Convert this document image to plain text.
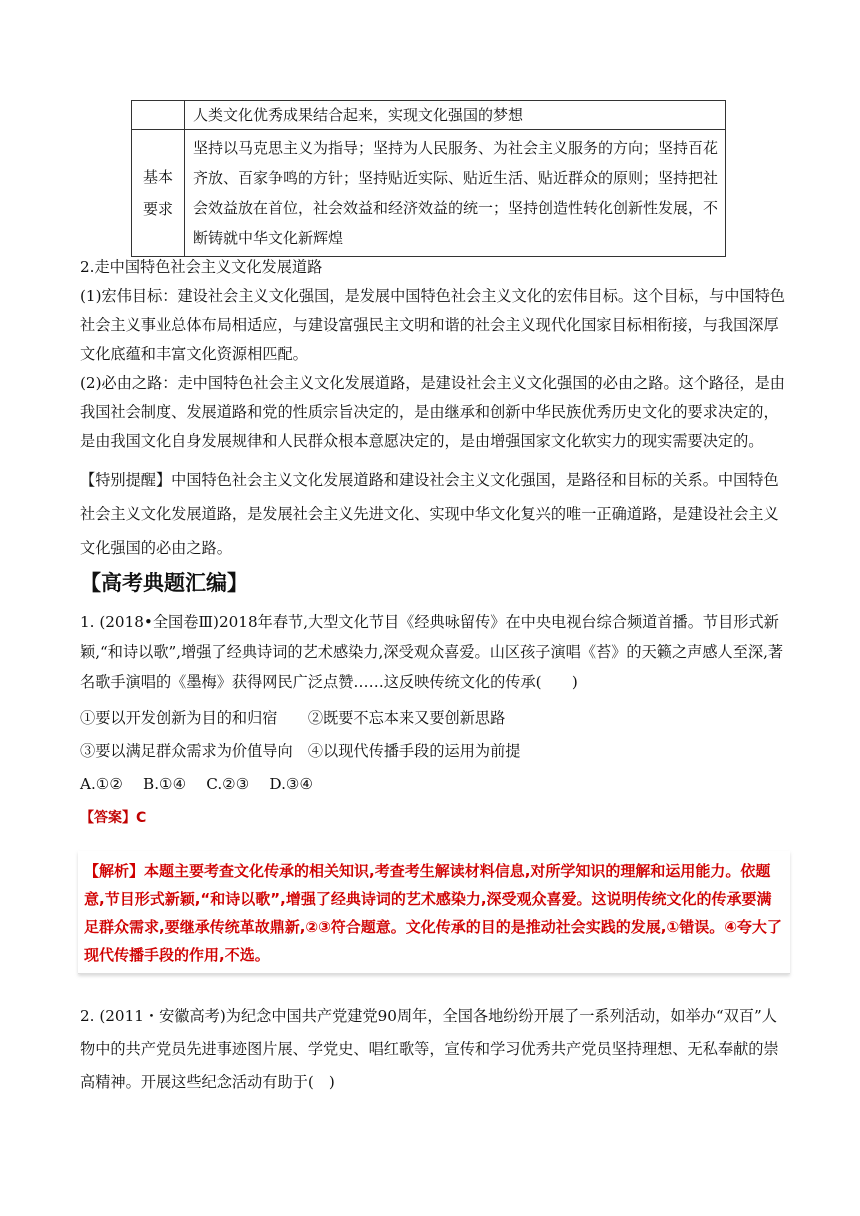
	人类文化优秀成果结合起来，实现文化强国的梦想

基本
要求	坚持以马克思主义为指导；坚持为人民服务、为社会主义服务的方向；坚持百花齐放、百家争鸣的方针；坚持贴近实际、贴近生活、贴近群众的原则；坚持把社会效益放在首位，社会效益和经济效益的统一；坚持创造性转化创新性发展，不断铸就中华文化新辉煌

2.走中国特色社会主义文化发展道路

(1)宏伟目标：建设社会主义文化强国，是发展中国特色社会主义文化的宏伟目标。这个目标，与中国特色社会主义事业总体布局相适应，与建设富强民主文明和谐的社会主义现代化国家目标相衔接，与我国深厚文化底蕴和丰富文化资源相匹配。

(2)必由之路：走中国特色社会主义文化发展道路，是建设社会主义文化强国的必由之路。这个路径，是由我国社会制度、发展道路和党的性质宗旨决定的，是由继承和创新中华民族优秀历史文化的要求决定的，是由我国文化自身发展规律和人民群众根本意愿决定的，是由增强国家文化软实力的现实需要决定的。

【特别提醒】中国特色社会主义文化发展道路和建设社会主义文化强国，是路径和目标的关系。中国特色社会主义文化发展道路，是发展社会主义先进文化、实现中华文化复兴的唯一正确道路，是建设社会主义文化强国的必由之路。

【高考典题汇编】

1. (2018•全国卷Ⅲ)2018年春节,大型文化节目《经典咏留传》在中央电视台综合频道首播。节目形式新颖,“和诗以歌”,增强了经典诗词的艺术感染力,深受观众喜爱。山区孩子演唱《苔》的天籁之声感人至深,著名歌手演唱的《墨梅》获得网民广泛点赞……这反映传统文化的传承(　　)

①要以开发创新为目的和归宿　　②既要不忘本来又要创新思路

③要以满足群众需求为价值导向　④以现代传播手段的运用为前提

A.①②　 B.①④　 C.②③　 D.③④

【答案】C

【解析】本题主要考查文化传承的相关知识,考查考生解读材料信息,对所学知识的理解和运用能力。依题意,节目形式新颖,“和诗以歌”,增强了经典诗词的艺术感染力,深受观众喜爱。这说明传统文化的传承要满足群众需求,要继承传统革故鼎新,②③符合题意。文化传承的目的是推动社会实践的发展,①错误。④夸大了现代传播手段的作用,不选。

2. (2011・安徽高考)为纪念中国共产党建党90周年，全国各地纷纷开展了一系列活动，如举办“双百”人物中的共产党员先进事迹图片展、学党史、唱红歌等，宣传和学习优秀共产党员坚持理想、无私奉献的崇高精神。开展这些纪念活动有助于(　)
